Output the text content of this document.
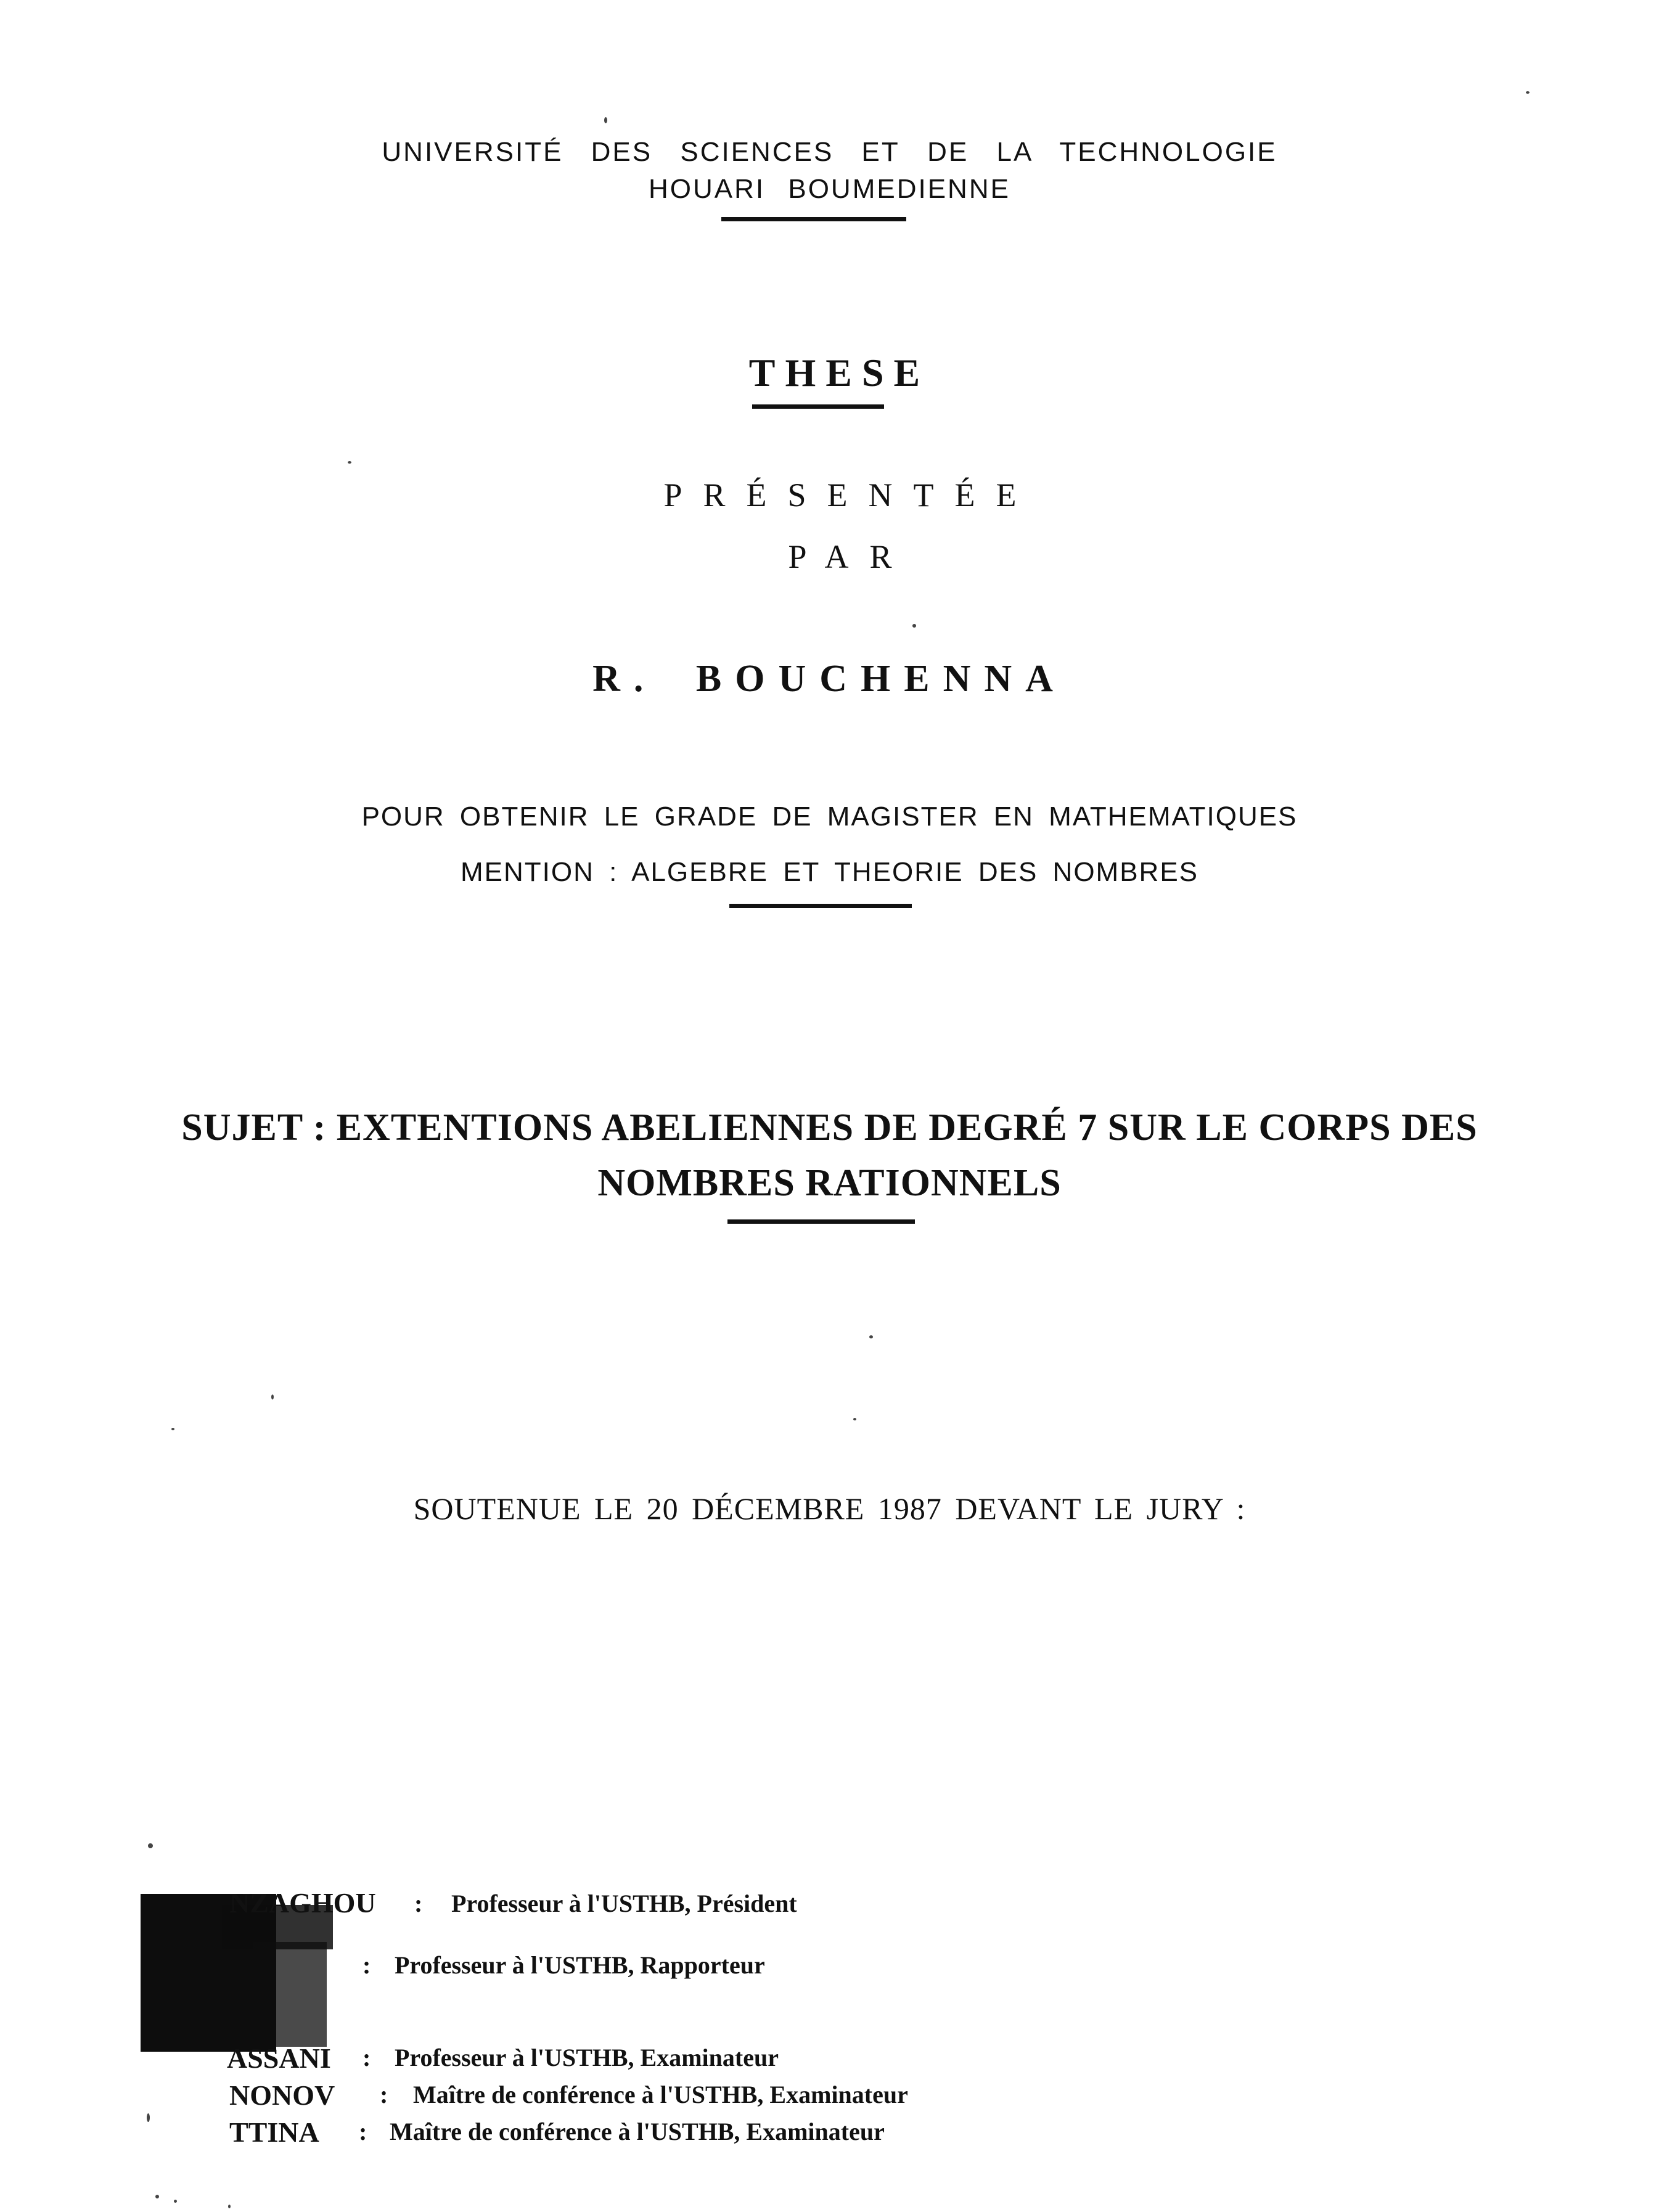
UNIVERSITÉ DES SCIENCES ET DE LA TECHNOLOGIE
HOUARI BOUMEDIENNE
THESE
PRÉSENTÉE
PAR
R. BOUCHENNA
POUR OBTENIR LE GRADE DE MAGISTER EN MATHEMATIQUES
MENTION : ALGEBRE ET THEORIE DES NOMBRES
SUJET : EXTENTIONS ABELIENNES DE DEGRÉ 7 SUR LE CORPS DES
NOMBRES RATIONNELS
SOUTENUE LE 20 DÉCEMBRE 1987 DEVANT LE JURY :
NZAGHOU : Professeur à l'USTHB, Président
: Professeur à l'USTHB, Rapporteur
ASSANI : Professeur à l'USTHB, Examinateur
NONOV : Maître de conférence à l'USTHB, Examinateur
TTINA : Maître de conférence à l'USTHB, Examinateur
